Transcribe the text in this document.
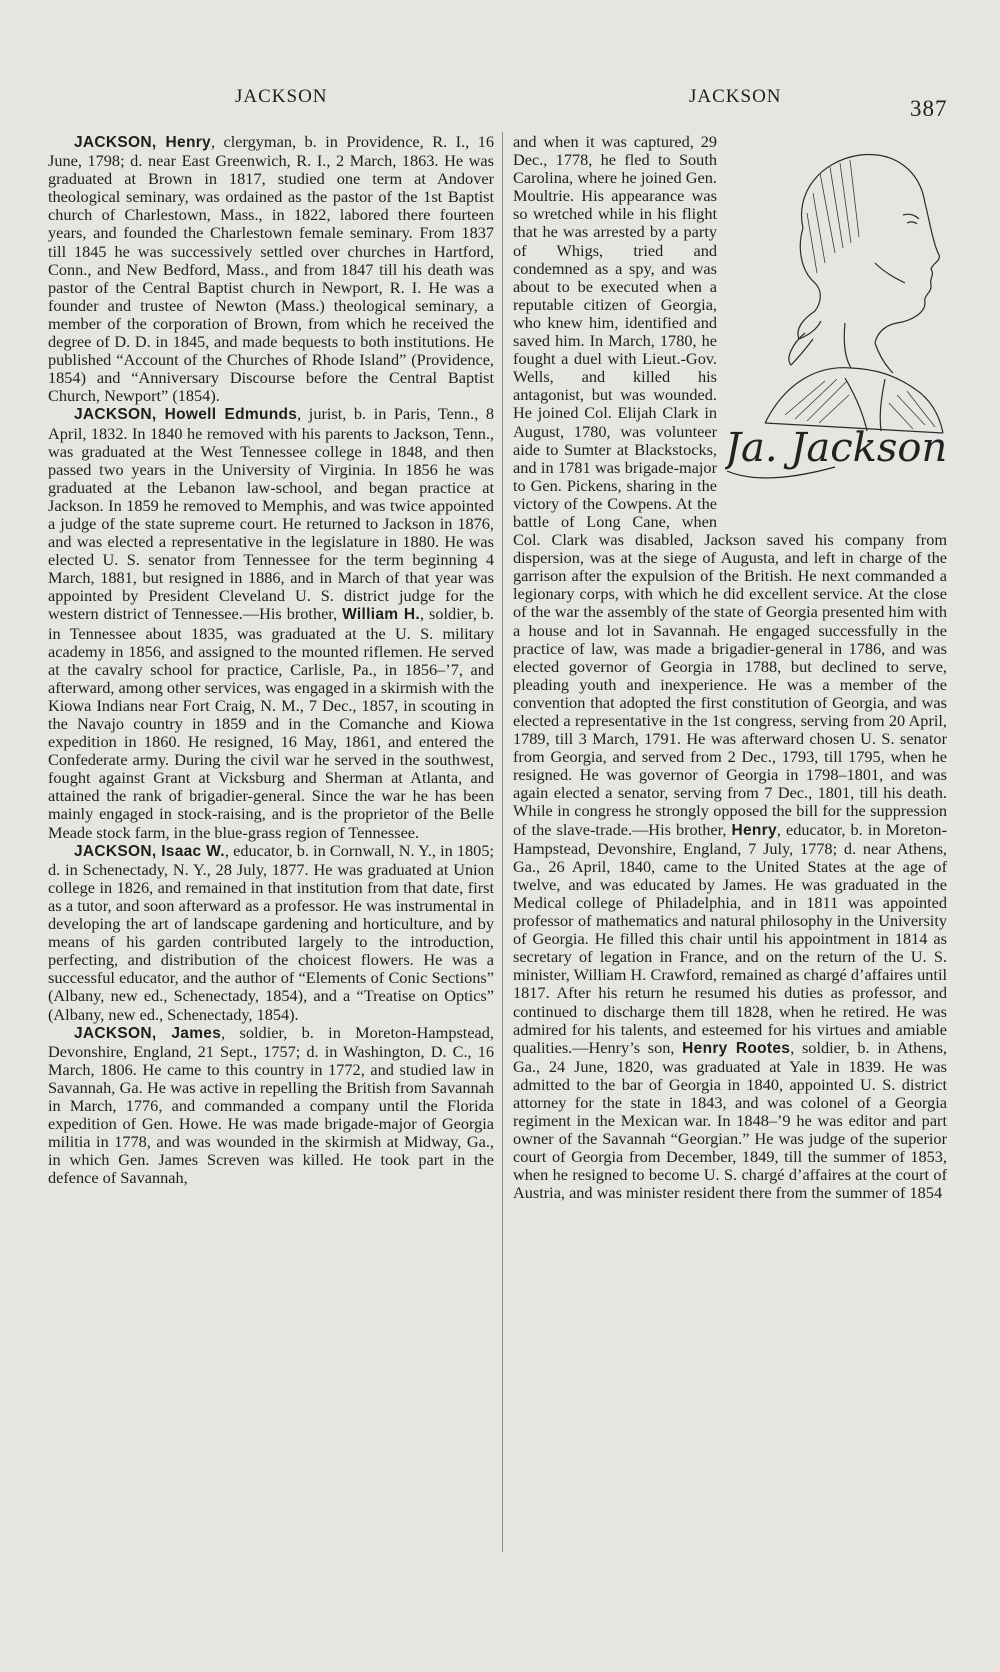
JACKSON	JACKSON	387

JACKSON, Henry, clergyman, b. in Providence, R. I., 16 June, 1798; d. near East Greenwich, R. I., 2 March, 1863. He was graduated at Brown in 1817, studied one term at Andover theological seminary, was ordained as the pastor of the 1st Baptist church of Charlestown, Mass., in 1822, labored there fourteen years, and founded the Charlestown female seminary. From 1837 till 1845 he was successively settled over churches in Hartford, Conn., and New Bedford, Mass., and from 1847 till his death was pastor of the Central Baptist church in Newport, R. I. He was a founder and trustee of Newton (Mass.) theological seminary, a member of the corporation of Brown, from which he received the degree of D. D. in 1845, and made bequests to both institutions. He published “Account of the Churches of Rhode Island” (Providence, 1854) and “Anniversary Discourse before the Central Baptist Church, Newport” (1854).

JACKSON, Howell Edmunds, jurist, b. in Paris, Tenn., 8 April, 1832. In 1840 he removed with his parents to Jackson, Tenn., was graduated at the West Tennessee college in 1848, and then passed two years in the University of Virginia. In 1856 he was graduated at the Lebanon law-school, and began practice at Jackson. In 1859 he removed to Memphis, and was twice appointed a judge of the state supreme court. He returned to Jackson in 1876, and was elected a representative in the legislature in 1880. He was elected U. S. senator from Tennessee for the term beginning 4 March, 1881, but resigned in 1886, and in March of that year was appointed by President Cleveland U. S. district judge for the western district of Tennessee.—His brother, William H., soldier, b. in Tennessee about 1835, was graduated at the U. S. military academy in 1856, and assigned to the mounted riflemen. He served at the cavalry school for practice, Carlisle, Pa., in 1856–’7, and afterward, among other services, was engaged in a skirmish with the Kiowa Indians near Fort Craig, N. M., 7 Dec., 1857, in scouting in the Navajo country in 1859 and in the Comanche and Kiowa expedition in 1860. He resigned, 16 May, 1861, and entered the Confederate army. During the civil war he served in the southwest, fought against Grant at Vicksburg and Sherman at Atlanta, and attained the rank of brigadier-general. Since the war he has been mainly engaged in stock-raising, and is the proprietor of the Belle Meade stock farm, in the blue-grass region of Tennessee.

JACKSON, Isaac W., educator, b. in Cornwall, N. Y., in 1805; d. in Schenectady, N. Y., 28 July, 1877. He was graduated at Union college in 1826, and remained in that institution from that date, first as a tutor, and soon afterward as a professor. He was instrumental in developing the art of landscape gardening and horticulture, and by means of his garden contributed largely to the introduction, perfecting, and distribution of the choicest flowers. He was a successful educator, and the author of “Elements of Conic Sections” (Albany, new ed., Schenectady, 1854), and a “Treatise on Optics” (Albany, new ed., Schenectady, 1854).

JACKSON, James, soldier, b. in Moreton-Hampstead, Devonshire, England, 21 Sept., 1757; d. in Washington, D. C., 16 March, 1806. He came to this country in 1772, and studied law in Savannah, Ga. He was active in repelling the British from Savannah in March, 1776, and commanded a company until the Florida expedition of Gen. Howe. He was made brigade-major of Georgia militia in 1778, and was wounded in the skirmish at Midway, Ga., in which Gen. James Screven was killed. He took part in the defence of Savannah,

Ja. Jackson

and when it was captured, 29 Dec., 1778, he fled to South Carolina, where he joined Gen. Moultrie. His appearance was so wretched while in his flight that he was arrested by a party of Whigs, tried and condemned as a spy, and was about to be executed when a reputable citizen of Georgia, who knew him, identified and saved him. In March, 1780, he fought a duel with Lieut.-Gov. Wells, and killed his antagonist, but was wounded. He joined Col. Elijah Clark in August, 1780, was volunteer aide to Sumter at Blackstocks, and in 1781 was brigade-major to Gen. Pickens, sharing in the victory of the Cowpens. At the battle of Long Cane, when Col. Clark was disabled, Jackson saved his company from dispersion, was at the siege of Augusta, and left in charge of the garrison after the expulsion of the British. He next commanded a legionary corps, with which he did excellent service. At the close of the war the assembly of the state of Georgia presented him with a house and lot in Savannah. He engaged successfully in the practice of law, was made a brigadier-general in 1786, and was elected governor of Georgia in 1788, but declined to serve, pleading youth and inexperience. He was a member of the convention that adopted the first constitution of Georgia, and was elected a representative in the 1st congress, serving from 20 April, 1789, till 3 March, 1791. He was afterward chosen U. S. senator from Georgia, and served from 2 Dec., 1793, till 1795, when he resigned. He was governor of Georgia in 1798–1801, and was again elected a senator, serving from 7 Dec., 1801, till his death. While in congress he strongly opposed the bill for the suppression of the slave-trade.—His brother, Henry, educator, b. in Moreton-Hampstead, Devonshire, England, 7 July, 1778; d. near Athens, Ga., 26 April, 1840, came to the United States at the age of twelve, and was educated by James. He was graduated in the Medical college of Philadelphia, and in 1811 was appointed professor of mathematics and natural philosophy in the University of Georgia. He filled this chair until his appointment in 1814 as secretary of legation in France, and on the return of the U. S. minister, William H. Crawford, remained as chargé d’affaires until 1817. After his return he resumed his duties as professor, and continued to discharge them till 1828, when he retired. He was admired for his talents, and esteemed for his virtues and amiable qualities.—Henry’s son, Henry Rootes, soldier, b. in Athens, Ga., 24 June, 1820, was graduated at Yale in 1839. He was admitted to the bar of Georgia in 1840, appointed U. S. district attorney for the state in 1843, and was colonel of a Georgia regiment in the Mexican war. In 1848–’9 he was editor and part owner of the Savannah “Georgian.” He was judge of the superior court of Georgia from December, 1849, till the summer of 1853, when he resigned to become U. S. chargé d’affaires at the court of Austria, and was minister resident there from the summer of 1854
